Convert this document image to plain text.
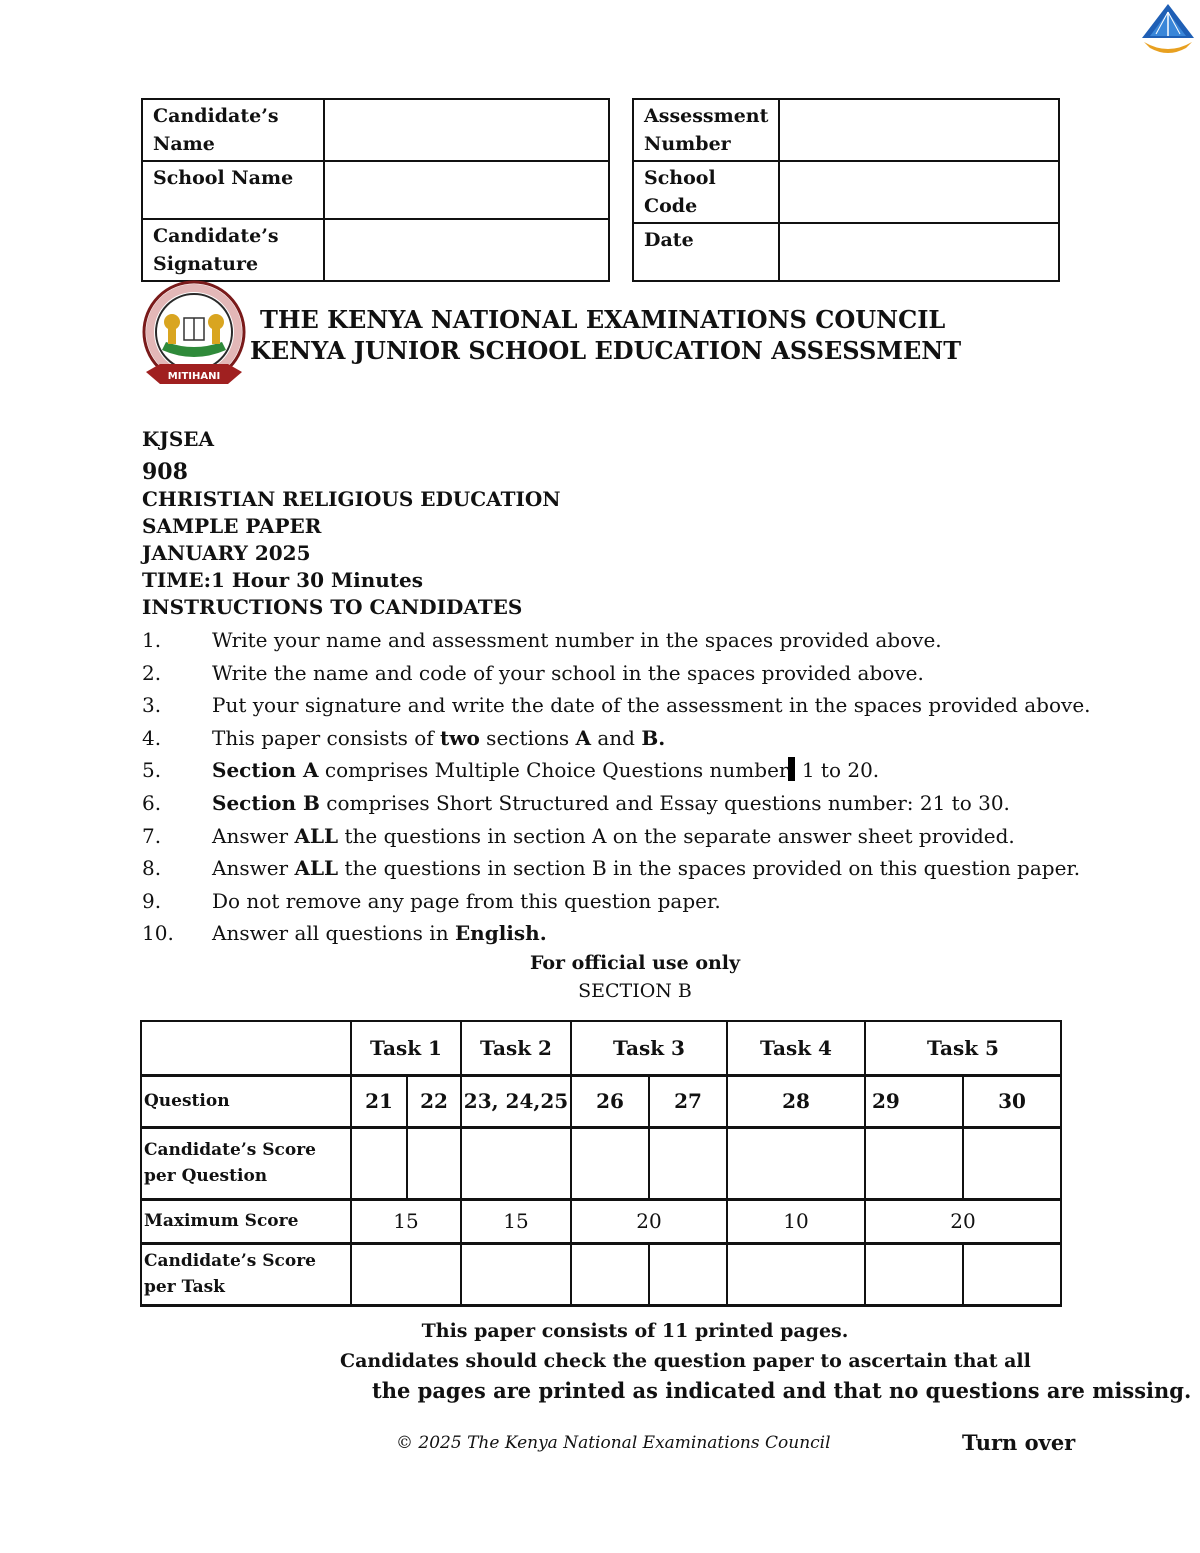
Candidate’s Name	
School Name	
Candidate’s Signature	
Assessment Number	
School Code	
Date	
MITIHANI
THE KENYA NATIONAL EXAMINATIONS COUNCIL
KENYA JUNIOR SCHOOL EDUCATION ASSESSMENT
KJSEA
908
CHRISTIAN RELIGIOUS EDUCATION
SAMPLE PAPER
JANUARY 2025
TIME:1 Hour 30 Minutes
INSTRUCTIONS TO CANDIDATES
1.	Write your name and assessment number in the spaces provided above.
2.	Write the name and code of your school in the spaces provided above.
3.	Put your signature and write the date of the assessment in the spaces provided above.
4.	This paper consists of two sections A and B.
5.	Section A comprises Multiple Choice Questions number 1 to 20.
6.	Section B comprises Short Structured and Essay questions number: 21 to 30.
7.	Answer ALL the questions in section A on the separate answer sheet provided.
8.	Answer ALL the questions in section B in the spaces provided on this question paper.
9.	Do not remove any page from this question paper.
10.	Answer all questions in English.
For official use only
SECTION B
	Task 1		Task 2	Task 3		Task 4	Task 5	
Question	21	22	23, 24,25	26	27	28	29	30
Candidate’s Score per Question								
Maximum Score	15		15	20		10	20	
Candidate’s Score per Task								
This paper consists of 11 printed pages.
Candidates should check the question paper to ascertain that all
the pages are printed as indicated and that no questions are missing.
© 2025 The Kenya National Examinations Council	Turn over
